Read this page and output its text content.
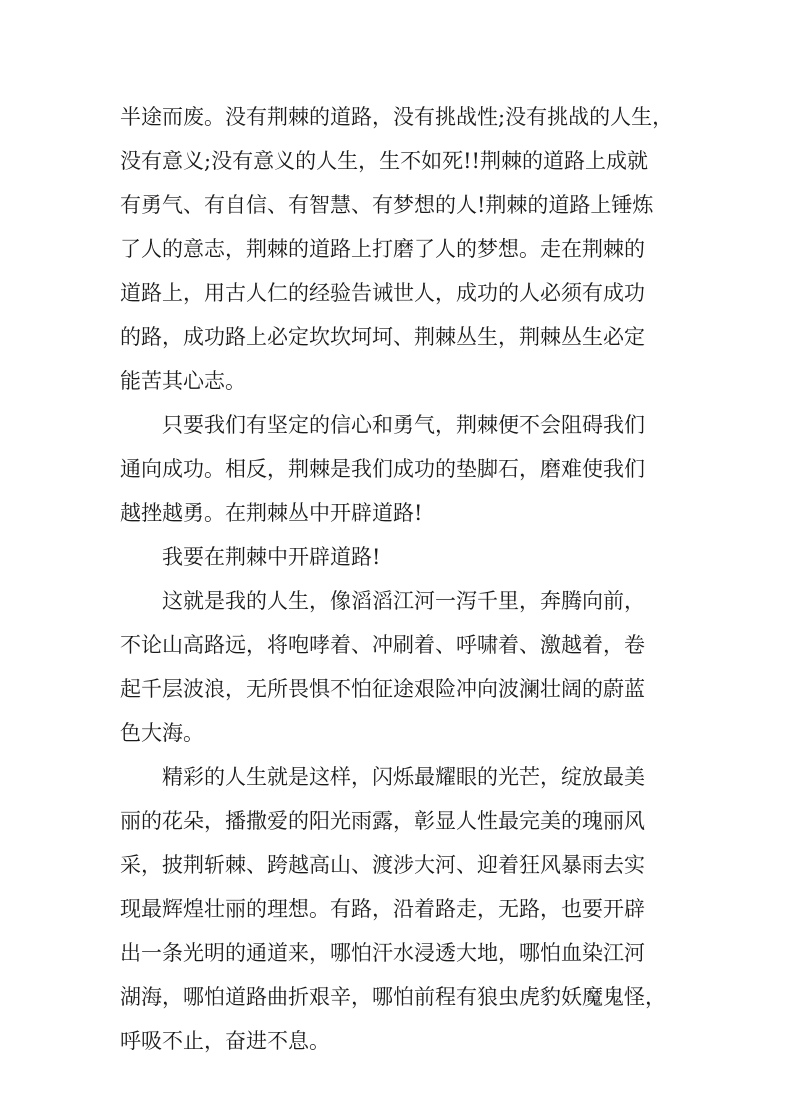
半途而废。没有荆棘的道路，没有挑战性;没有挑战的人生，
没有意义;没有意义的人生，生不如死!!荆棘的道路上成就
有勇气、有自信、有智慧、有梦想的人!荆棘的道路上锤炼
了人的意志，荆棘的道路上打磨了人的梦想。走在荆棘的
道路上，用古人仁的经验告诫世人，成功的人必须有成功
的路，成功路上必定坎坎坷坷、荆棘丛生，荆棘丛生必定
能苦其心志。
只要我们有坚定的信心和勇气，荆棘便不会阻碍我们
通向成功。相反，荆棘是我们成功的垫脚石，磨难使我们
越挫越勇。在荆棘丛中开辟道路!
我要在荆棘中开辟道路!
这就是我的人生，像滔滔江河一泻千里，奔腾向前，
不论山高路远，将咆哮着、冲刷着、呼啸着、激越着，卷
起千层波浪，无所畏惧不怕征途艰险冲向波澜壮阔的蔚蓝
色大海。
精彩的人生就是这样，闪烁最耀眼的光芒，绽放最美
丽的花朵，播撒爱的阳光雨露，彰显人性最完美的瑰丽风
采，披荆斩棘、跨越高山、渡涉大河、迎着狂风暴雨去实
现最辉煌壮丽的理想。有路，沿着路走，无路，也要开辟
出一条光明的通道来，哪怕汗水浸透大地，哪怕血染江河
湖海，哪怕道路曲折艰辛，哪怕前程有狼虫虎豹妖魔鬼怪，
呼吸不止，奋进不息。
